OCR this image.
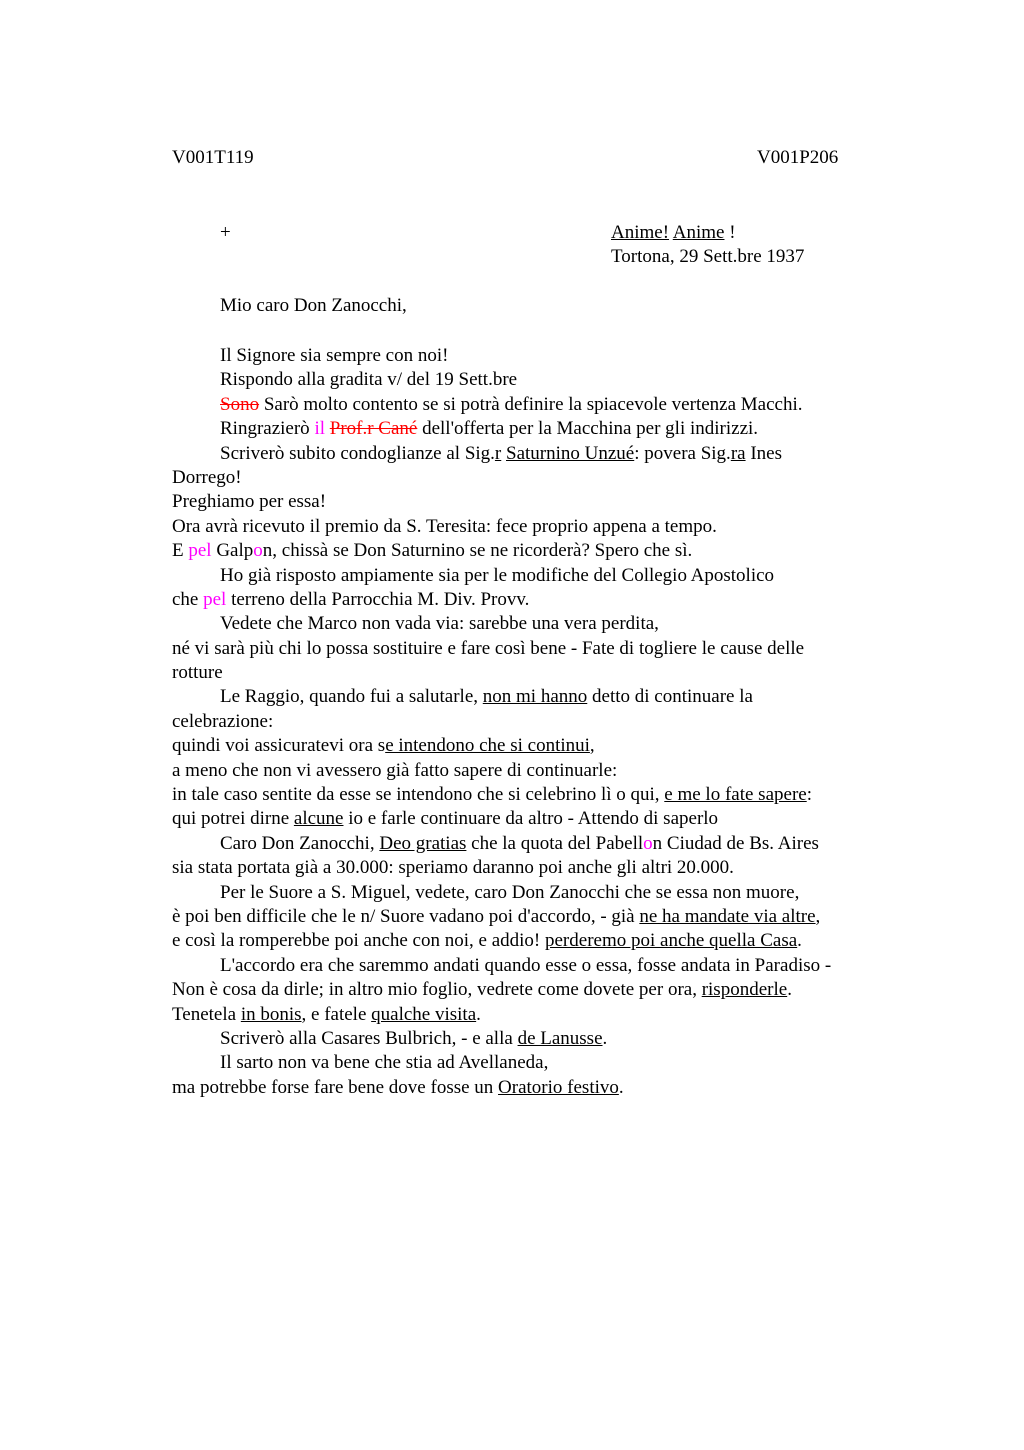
V001T119	V001P206
+	Anime! Anime !
Tortona, 29 Sett.bre 1937
Mio caro Don Zanocchi,
Il Signore sia sempre con noi!
Rispondo alla gradita v/ del 19 Sett.bre
Sono Sarò molto contento se si potrà definire la spiacevole vertenza Macchi.
Ringrazierò il Prof.r Cané dell'offerta per la Macchina per gli indirizzi.
Scriverò subito condoglianze al Sig.r Saturnino Unzué: povera Sig.ra Ines
Dorrego!
Preghiamo per essa!
Ora avrà ricevuto il premio da S. Teresita: fece proprio appena a tempo.
E pel Galpon, chissà se Don Saturnino se ne ricorderà? Spero che sì.
Ho già risposto ampiamente sia per le modifiche del Collegio Apostolico
che pel terreno della Parrocchia M. Div. Provv.
Vedete che Marco non vada via: sarebbe una vera perdita,
né vi sarà più chi lo possa sostituire e fare così bene - Fate di togliere le cause delle
rotture
Le Raggio, quando fui a salutarle, non mi hanno detto di continuare la
celebrazione:
quindi voi assicuratevi ora se intendono che si continui,
a meno che non vi avessero già fatto sapere di continuarle:
in tale caso sentite da esse se intendono che si celebrino lì o qui, e me lo fate sapere:
qui potrei dirne alcune io e farle continuare da altro - Attendo di saperlo
Caro Don Zanocchi, Deo gratias che la quota del Pabellon Ciudad de Bs. Aires
sia stata portata già a 30.000: speriamo daranno poi anche gli altri 20.000.
Per le Suore a S. Miguel, vedete, caro Don Zanocchi che se essa non muore,
è poi ben difficile che le n/ Suore vadano poi d'accordo, - già ne ha mandate via altre,
e così la romperebbe poi anche con noi, e addio! perderemo poi anche quella Casa.
L'accordo era che saremmo andati quando esse o essa, fosse andata in Paradiso -
Non è cosa da dirle; in altro mio foglio, vedrete come dovete per ora, risponderle.
Tenetela in bonis, e fatele qualche visita.
Scriverò alla Casares Bulbrich, - e alla de Lanusse.
Il sarto non va bene che stia ad Avellaneda,
ma potrebbe forse fare bene dove fosse un Oratorio festivo.
